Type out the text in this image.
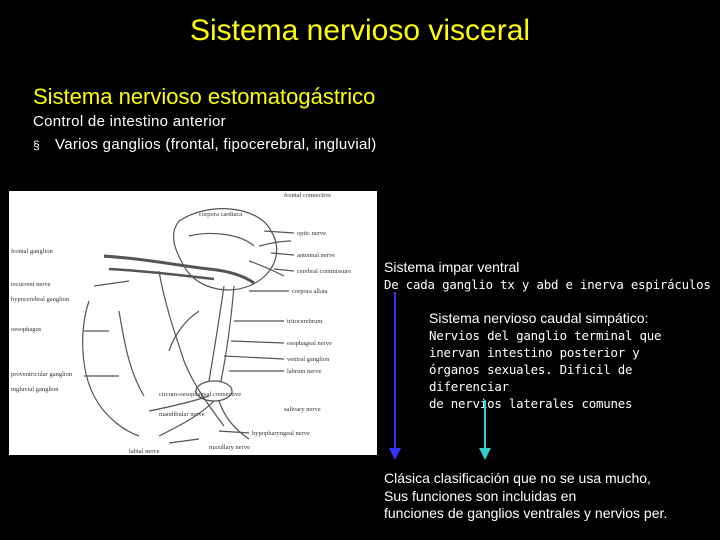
Sistema nervioso visceral
Sistema nervioso estomatogástrico
Control de intestino anterior
§ Varios ganglios (frontal, fipocerebral, ingluvial)
frontal connective
corpora cardiaca
optic nerve
antennal nerve
cerebral commissure
corpora allata
tritocerebrum
esophageal nerve
ventral ganglion
labrum nerve
frontal ganglion
recurrent nerve
hypocerebral ganglion
oesophagus
proventricular ganglion
ingluvial ganglion
circum-oesophageal connective
mandibular nerve
hypopharyngeal nerve
maxillary nerve
labial nerve
salivary nerve
Sistema impar ventral
De cada ganglio tx y abd e inerva espiráculos
Sistema nervioso caudal simpático:
Nervios del ganglio terminal que
inervan intestino posterior y
órganos sexuales. Dificil de diferenciar
de nervios laterales comunes
Clásica clasificación que no se usa mucho,
Sus funciones son incluidas en
funciones de ganglios ventrales y nervios per.
